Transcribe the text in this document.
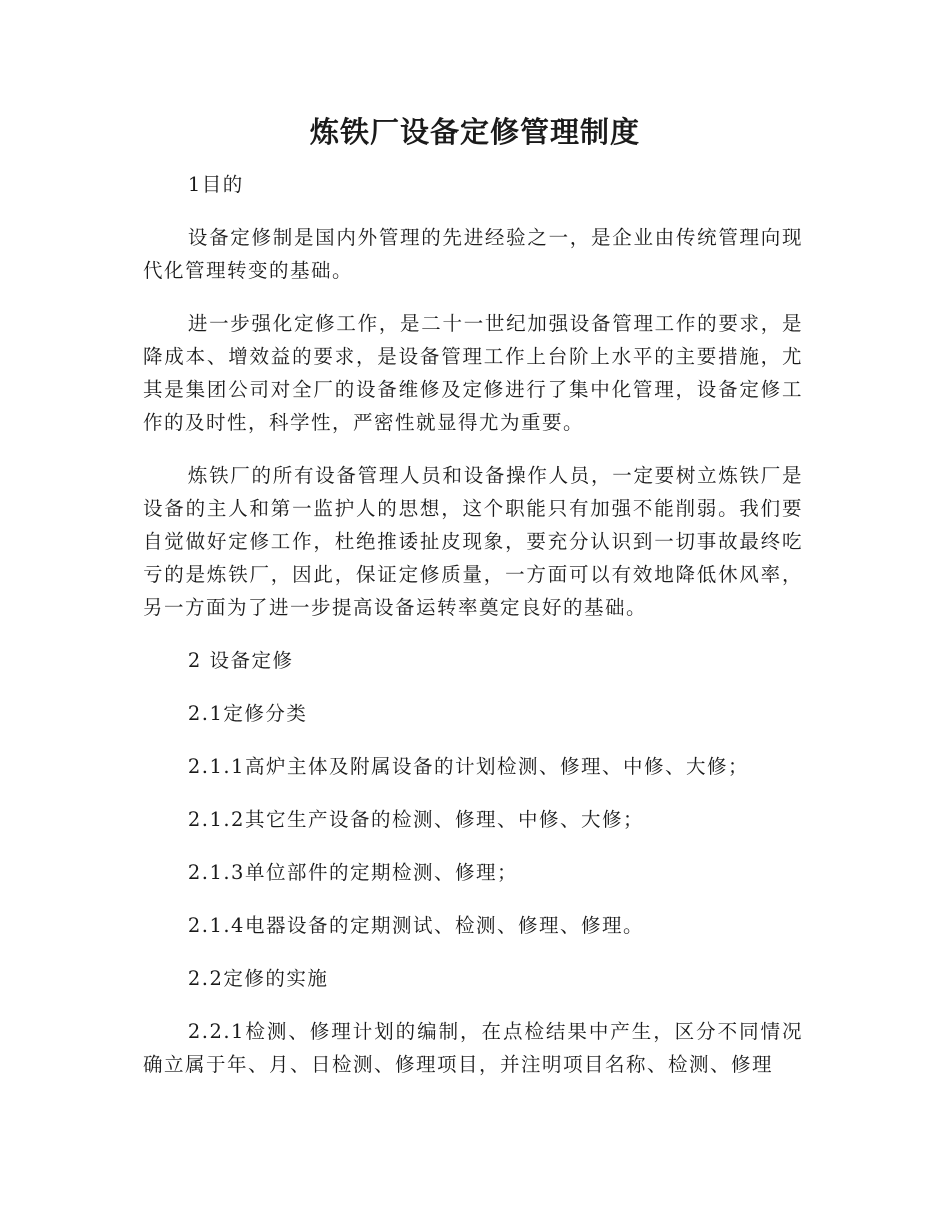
炼铁厂设备定修管理制度

1目的

设备定修制是国内外管理的先进经验之一，是企业由传统管理向现代化管理转变的基础。

进一步强化定修工作，是二十一世纪加强设备管理工作的要求，是降成本、增效益的要求，是设备管理工作上台阶上水平的主要措施，尤其是集团公司对全厂的设备维修及定修进行了集中化管理，设备定修工作的及时性，科学性，严密性就显得尤为重要。

炼铁厂的所有设备管理人员和设备操作人员，一定要树立炼铁厂是设备的主人和第一监护人的思想，这个职能只有加强不能削弱。我们要自觉做好定修工作，杜绝推诿扯皮现象，要充分认识到一切事故最终吃亏的是炼铁厂，因此，保证定修质量，一方面可以有效地降低休风率，另一方面为了进一步提高设备运转率奠定良好的基础。

2 设备定修

2.1定修分类

2.1.1高炉主体及附属设备的计划检测、修理、中修、大修；

2.1.2其它生产设备的检测、修理、中修、大修；

2.1.3单位部件的定期检测、修理；

2.1.4电器设备的定期测试、检测、修理、修理。

2.2定修的实施

2.2.1检测、修理计划的编制，在点检结果中产生，区分不同情况确立属于年、月、日检测、修理项目，并注明项目名称、检测、修理
